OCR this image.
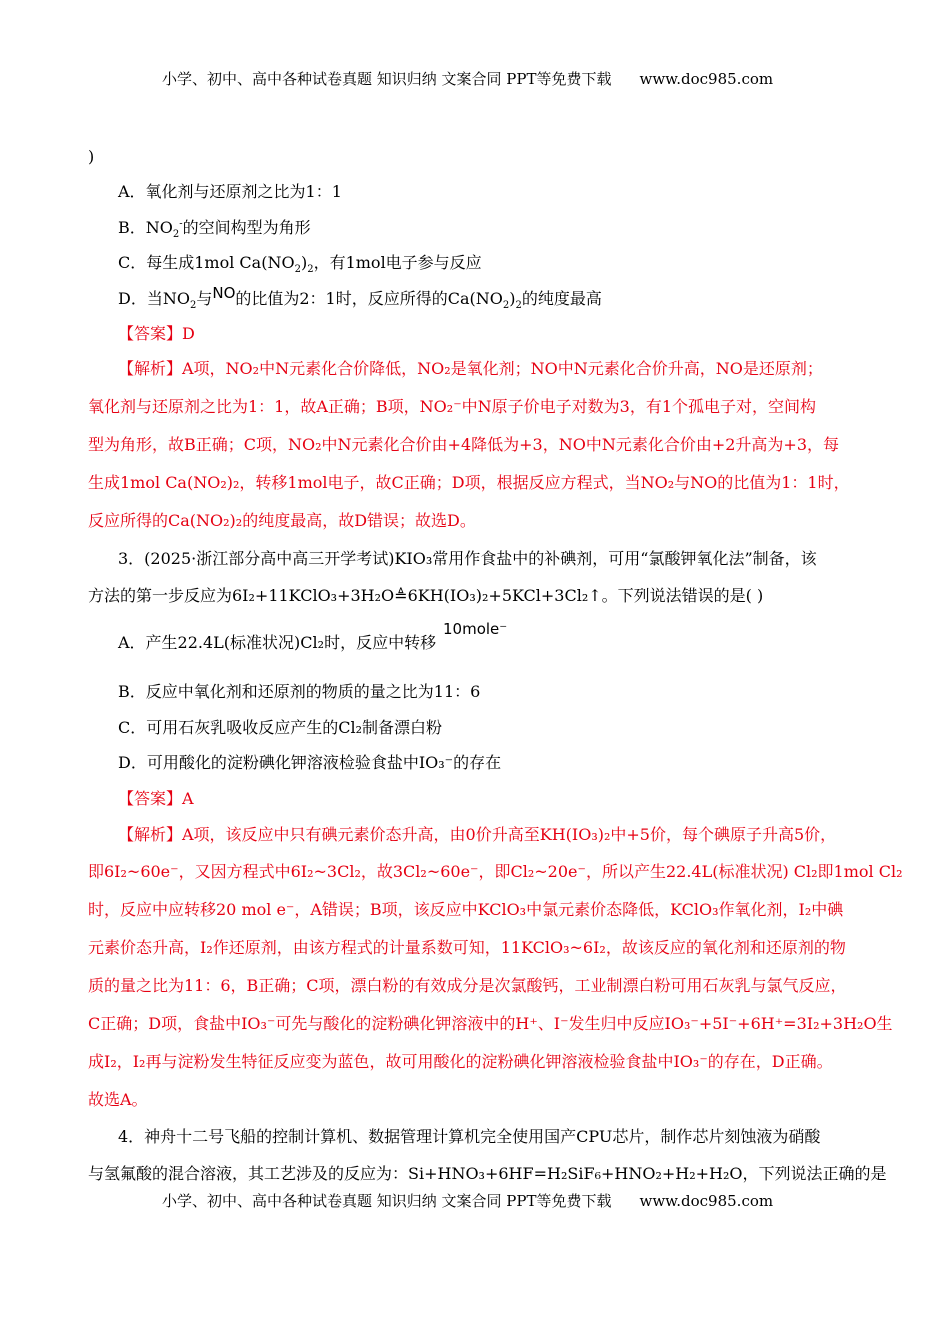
小学、初中、高中各种试卷真题 知识归纳 文案合同 PPT等免费下载 www.doc985.com
)
A．氧化剂与还原剂之比为1：1
B．$NO_2^-$的空间构型为角形
C．每生成1mol $Ca(NO_2)_2$，有1mol电子参与反应
D．当$NO_2$与NO的比值为2：1时，反应所得的$Ca(NO_2)_2$的纯度最高
【答案】D
【解析】A项，NO₂中N元素化合价降低，NO₂是氧化剂；NO中N元素化合价升高，NO是还原剂；
氧化剂与还原剂之比为1：1，故A正确；B项，NO₂⁻中N原子价电子对数为3，有1个孤电子对，空间构
型为角形，故B正确；C项，NO₂中N元素化合价由+4降低为+3，NO中N元素化合价由+2升高为+3，每
生成1mol Ca(NO₂)₂，转移1mol电子，故C正确；D项，根据反应方程式，当NO₂与NO的比值为1：1时，
反应所得的Ca(NO₂)₂的纯度最高，故D错误；故选D。
3．(2025·浙江部分高中高三开学考试)KIO₃常用作食盐中的补碘剂，可用“氯酸钾氧化法”制备，该
方法的第一步反应为6I₂+11KClO₃+3H₂O≜6KH(IO₃)₂+5KCl+3Cl₂↑。下列说法错误的是( )
A．产生22.4L(标准状况)Cl₂时，反应中转移
10mole⁻
B．反应中氧化剂和还原剂的物质的量之比为11：6
C．可用石灰乳吸收反应产生的Cl₂制备漂白粉
D．可用酸化的淀粉碘化钾溶液检验食盐中IO₃⁻的存在
【答案】A
【解析】A项，该反应中只有碘元素价态升高，由0价升高至KH(IO₃)₂中+5价，每个碘原子升高5价，
即6I₂~60e⁻，又因方程式中6I₂~3Cl₂，故3Cl₂~60e⁻，即Cl₂~20e⁻，所以产生22.4L(标准状况) Cl₂即1mol Cl₂
时，反应中应转移20 mol e⁻，A错误；B项，该反应中KClO₃中氯元素价态降低，KClO₃作氧化剂，I₂中碘
元素价态升高，I₂作还原剂，由该方程式的计量系数可知，11KClO₃~6I₂，故该反应的氧化剂和还原剂的物
质的量之比为11：6，B正确；C项，漂白粉的有效成分是次氯酸钙，工业制漂白粉可用石灰乳与氯气反应，
C正确；D项，食盐中IO₃⁻可先与酸化的淀粉碘化钾溶液中的H⁺、I⁻发生归中反应IO₃⁻+5I⁻+6H⁺=3I₂+3H₂O生
成I₂，I₂再与淀粉发生特征反应变为蓝色，故可用酸化的淀粉碘化钾溶液检验食盐中IO₃⁻的存在，D正确。
故选A。
4．神舟十二号飞船的控制计算机、数据管理计算机完全使用国产CPU芯片，制作芯片刻蚀液为硝酸
与氢氟酸的混合溶液，其工艺涉及的反应为：Si+HNO₃+6HF=H₂SiF₆+HNO₂+H₂+H₂O，下列说法正确的是
小学、初中、高中各种试卷真题 知识归纳 文案合同 PPT等免费下载 www.doc985.com
